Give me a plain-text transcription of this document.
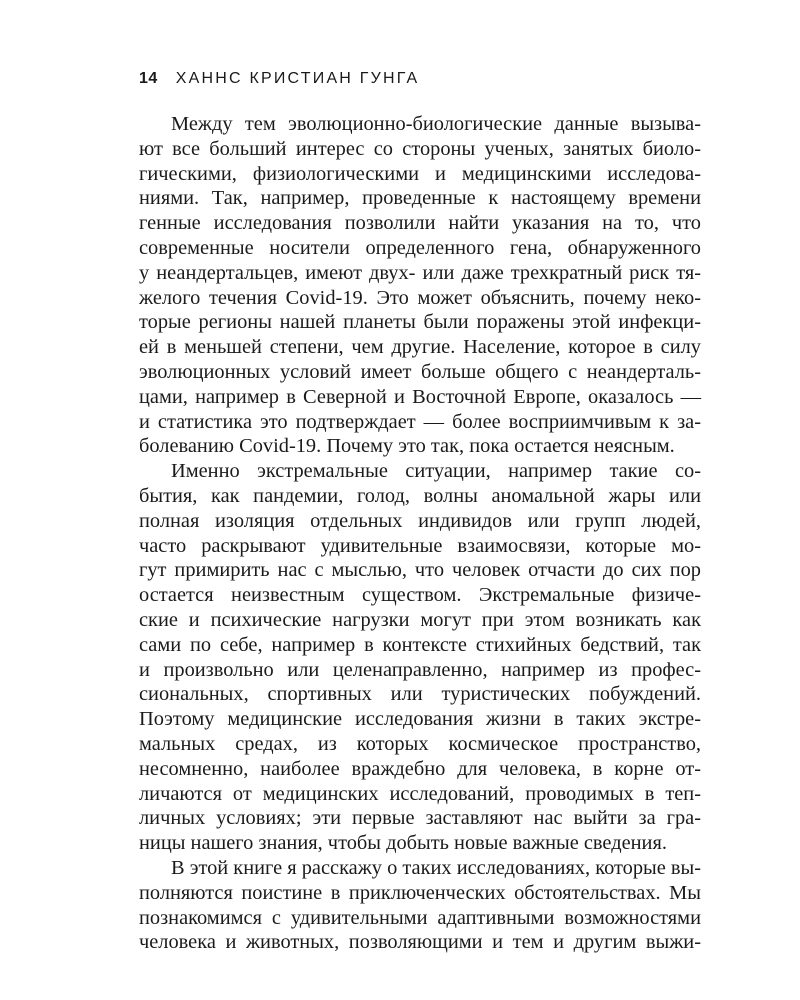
14 ХАННС КРИСТИАН ГУНГА
Между тем эволюционно-биологические данные вызыва-
ют все больший интерес со стороны ученых, занятых биоло-
гическими, физиологическими и медицинскими исследова-
ниями. Так, например, проведенные к настоящему времени
генные исследования позволили найти указания на то, что
современные носители определенного гена, обнаруженного
у неандертальцев, имеют двух- или даже трехкратный риск тя-
желого течения Covid-19. Это может объяснить, почему неко-
торые регионы нашей планеты были поражены этой инфекци-
ей в меньшей степени, чем другие. Население, которое в силу
эволюционных условий имеет больше общего с неандерталь-
цами, например в Северной и Восточной Европе, оказалось —
и статистика это подтверждает — более восприимчивым к за-
болеванию Covid-19. Почему это так, пока остается неясным.
Именно экстремальные ситуации, например такие со-
бытия, как пандемии, голод, волны аномальной жары или
полная изоляция отдельных индивидов или групп людей,
часто раскрывают удивительные взаимосвязи, которые мо-
гут примирить нас с мыслью, что человек отчасти до сих пор
остается неизвестным существом. Экстремальные физиче-
ские и психические нагрузки могут при этом возникать как
сами по себе, например в контексте стихийных бедствий, так
и произвольно или целенаправленно, например из профес-
сиональных, спортивных или туристических побуждений.
Поэтому медицинские исследования жизни в таких экстре-
мальных средах, из которых космическое пространство,
несомненно, наиболее враждебно для человека, в корне от-
личаются от медицинских исследований, проводимых в теп-
личных условиях; эти первые заставляют нас выйти за гра-
ницы нашего знания, чтобы добыть новые важные сведения.
В этой книге я расскажу о таких исследованиях, которые вы-
полняются поистине в приключенческих обстоятельствах. Мы
познакомимся с удивительными адаптивными возможностями
человека и животных, позволяющими и тем и другим выжи-
